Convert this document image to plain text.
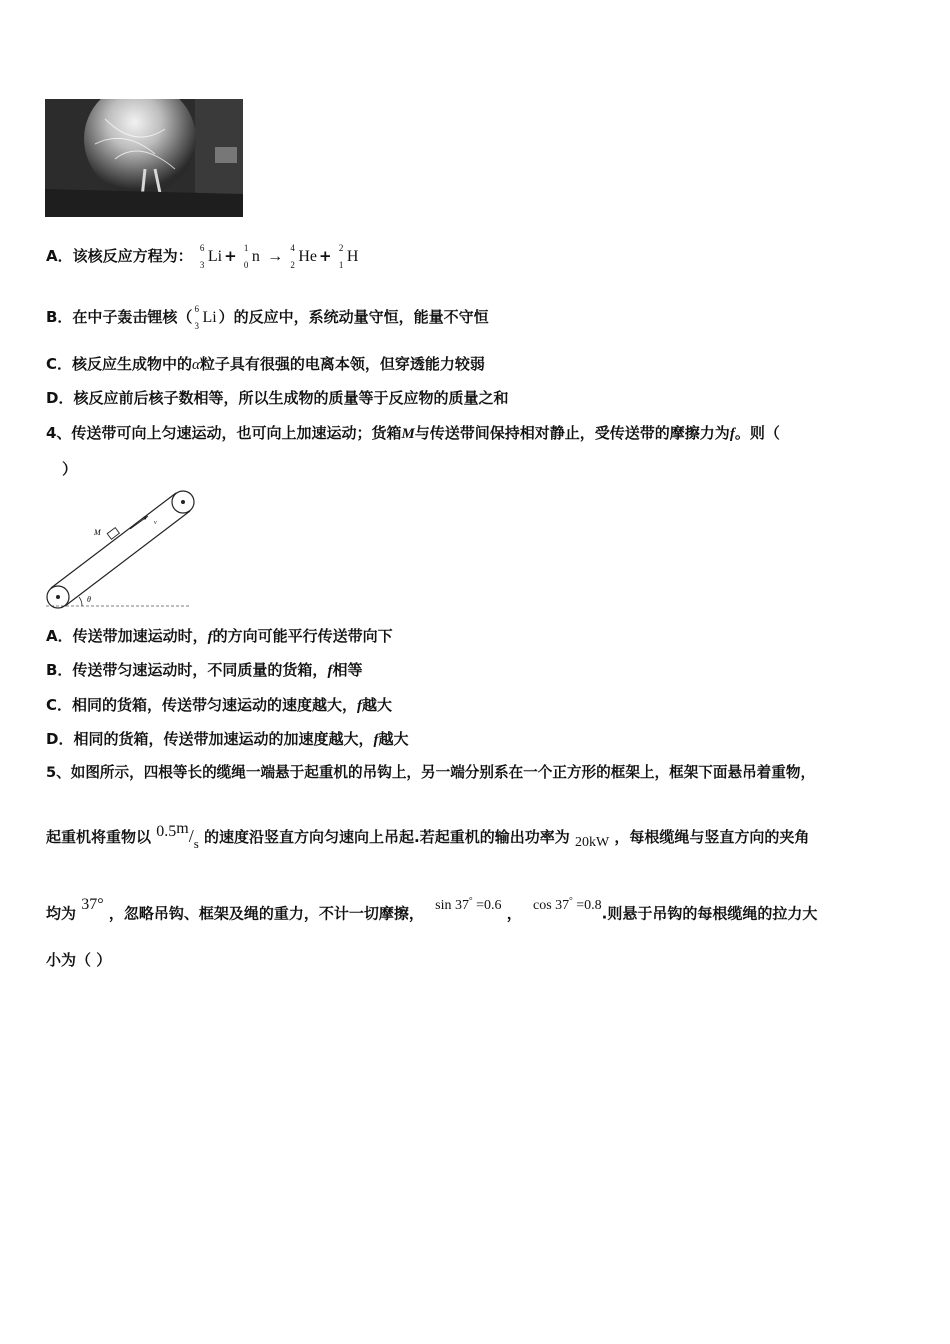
A．该核反应方程为： 6
3 Li + 1
0 n → 4
2 He + 2
1 H
B．在中子轰击锂核（ 6
3 Li ）的反应中，系统动量守恒，能量不守恒
C．核反应生成物中的α粒子具有很强的电离本领，但穿透能力较弱
D．核反应前后核子数相等，所以生成物的质量等于反应物的质量之和
4、传送带可向上匀速运动，也可向上加速运动；货箱M与传送带间保持相对静止，受传送带的摩擦力为f。则（
）
M
v
θ
A．传送带加速运动时，f的方向可能平行传送带向下
B．传送带匀速运动时，不同质量的货箱，f相等
C．相同的货箱，传送带匀速运动的速度越大，f越大
D．相同的货箱，传送带加速运动的加速度越大，f越大
5、如图所示，四根等长的缆绳一端悬于起重机的吊钩上，另一端分别系在一个正方形的框架上，框架下面悬吊着重物，
起重机将重物以 0.5m/s 的速度沿竖直方向匀速向上吊起.若起重机的输出功率为 20kW ，每根缆绳与竖直方向的夹角
均为 37° ，忽略吊钩、框架及绳的重力，不计一切摩擦， sin 37° =0.6 ， cos 37° =0.8.则悬于吊钩的每根缆绳的拉力大
小为（ ）
